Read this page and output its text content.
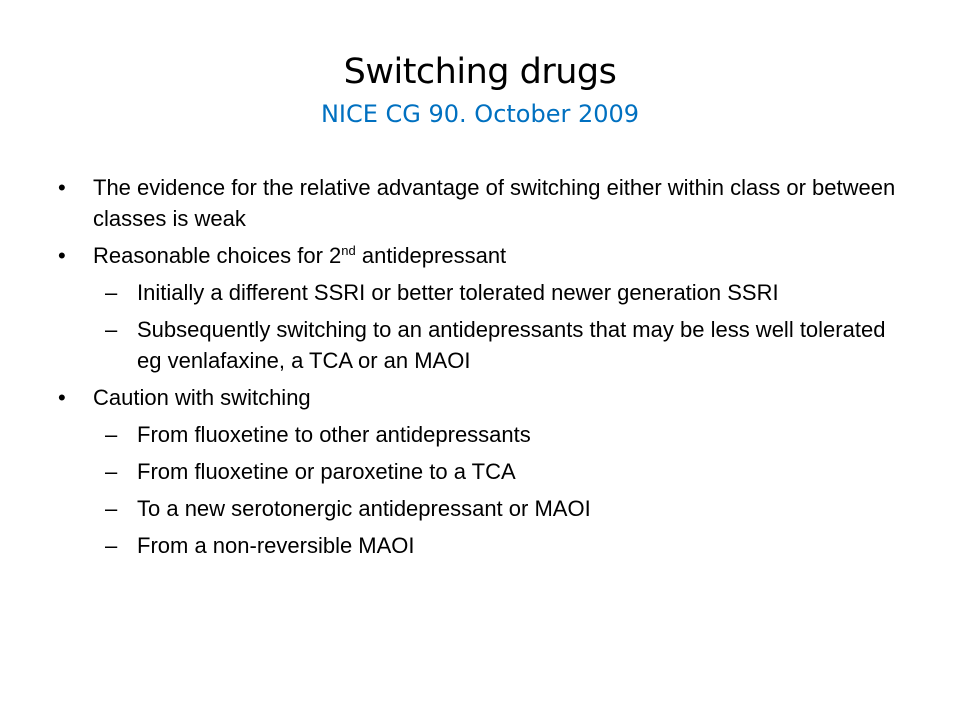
Switching drugs
NICE CG 90. October 2009
• The evidence for the relative advantage of switching either within class or between classes is weak
• Reasonable choices for 2nd antidepressant
– Initially a different SSRI or better tolerated newer generation SSRI
– Subsequently switching to an antidepressants that may be less well tolerated eg venlafaxine, a TCA or an MAOI
• Caution with switching
– From fluoxetine to other antidepressants
– From fluoxetine or paroxetine to a TCA
– To a new serotonergic antidepressant or MAOI
– From a non-reversible MAOI
